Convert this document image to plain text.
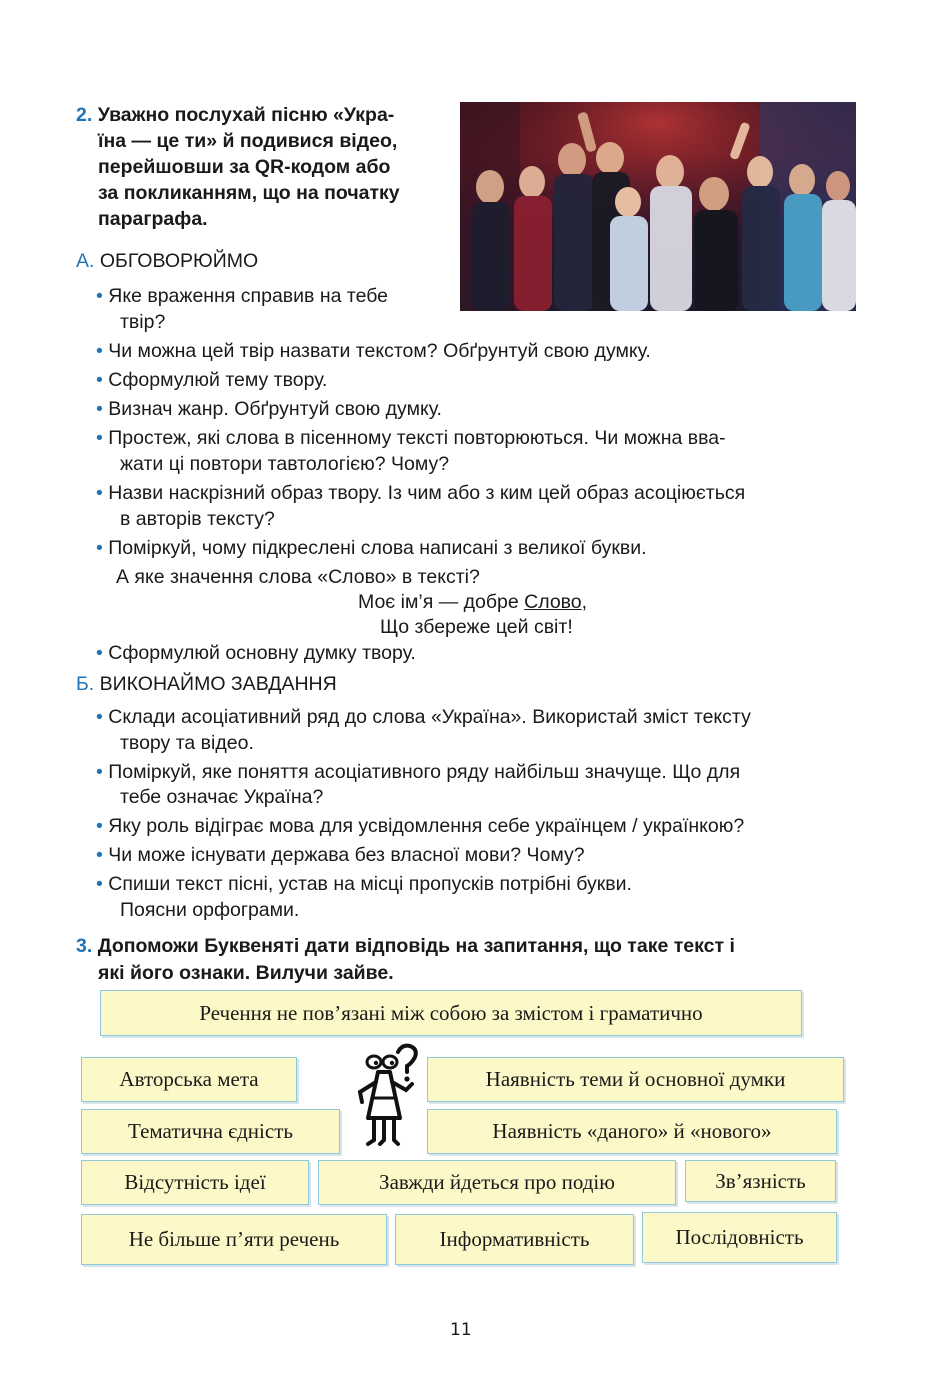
2. Уважно послухай пісню «Укра-
їна — це ти» й подивися відео,
перейшовши за QR-кодом або
за покликанням, що на початку
параграфа.
А. ОБГОВОРЮЙМО
• Яке враження справив на тебе
твір?
• Чи можна цей твір назвати текстом? Обґрунтуй свою думку.
• Сформулюй тему твору.
• Визнач жанр. Обґрунтуй свою думку.
• Простеж, які слова в пісенному тексті повторюються. Чи можна вва-
жати ці повтори тавтологією? Чому?
• Назви наскрізний образ твору. Із чим або з ким цей образ асоціюється
в авторів тексту?
• Поміркуй, чому підкреслені слова написані з великої букви.
А яке значення слова «Слово» в тексті?
Моє ім’я — добре Слово,
Що збереже цей світ!
• Сформулюй основну думку твору.
Б. ВИКОНАЙМО ЗАВДАННЯ
• Склади асоціативний ряд до слова «Україна». Використай зміст тексту
твору та відео.
• Поміркуй, яке поняття асоціативного ряду найбільш значуще. Що для
тебе означає Україна?
• Яку роль відіграє мова для усвідомлення себе українцем / українкою?
• Чи може існувати держава без власної мови? Чому?
• Спиши текст пісні, устав на місці пропусків потрібні букви.
Поясни орфограми.
3. Допоможи Буквеняті дати відповідь на запитання, що таке текст і
які його ознаки. Вилучи зайве.
Речення не пов’язані між собою за змістом і граматично
Авторська мета	Наявність теми й основної думки
Тематична єдність	Наявність «даного» й «нового»
Відсутність ідеї	Завжди йдеться про подію	Зв’язність
Не більше п’яти речень	Інформативність	Послідовність
11
